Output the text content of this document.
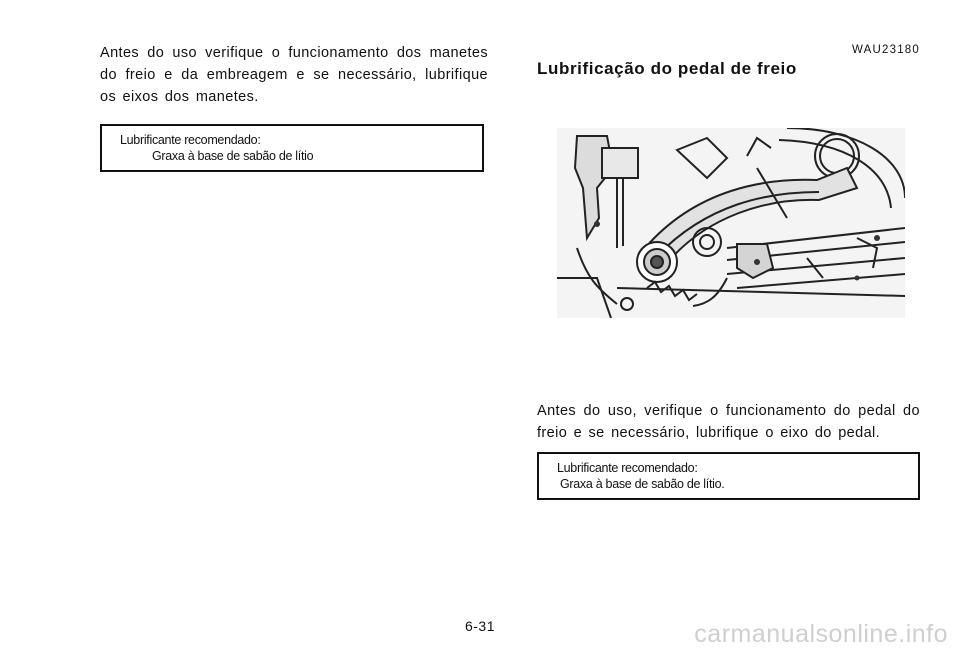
Antes do uso verifique o funcionamento dos manetes do freio e da embreagem e se necessário, lubrifique os eixos dos manetes.

Lubrificante recomendado:
Graxa à base de sabão de lítio
WAU23180
Lubrificação do pedal de freio

Antes do uso, verifique o funcionamento do pedal do freio e se necessário, lubrifique o eixo do pedal.

Lubrificante recomendado:
Graxa à base de sabão de lítio.
6-31	carmanualsonline.info
